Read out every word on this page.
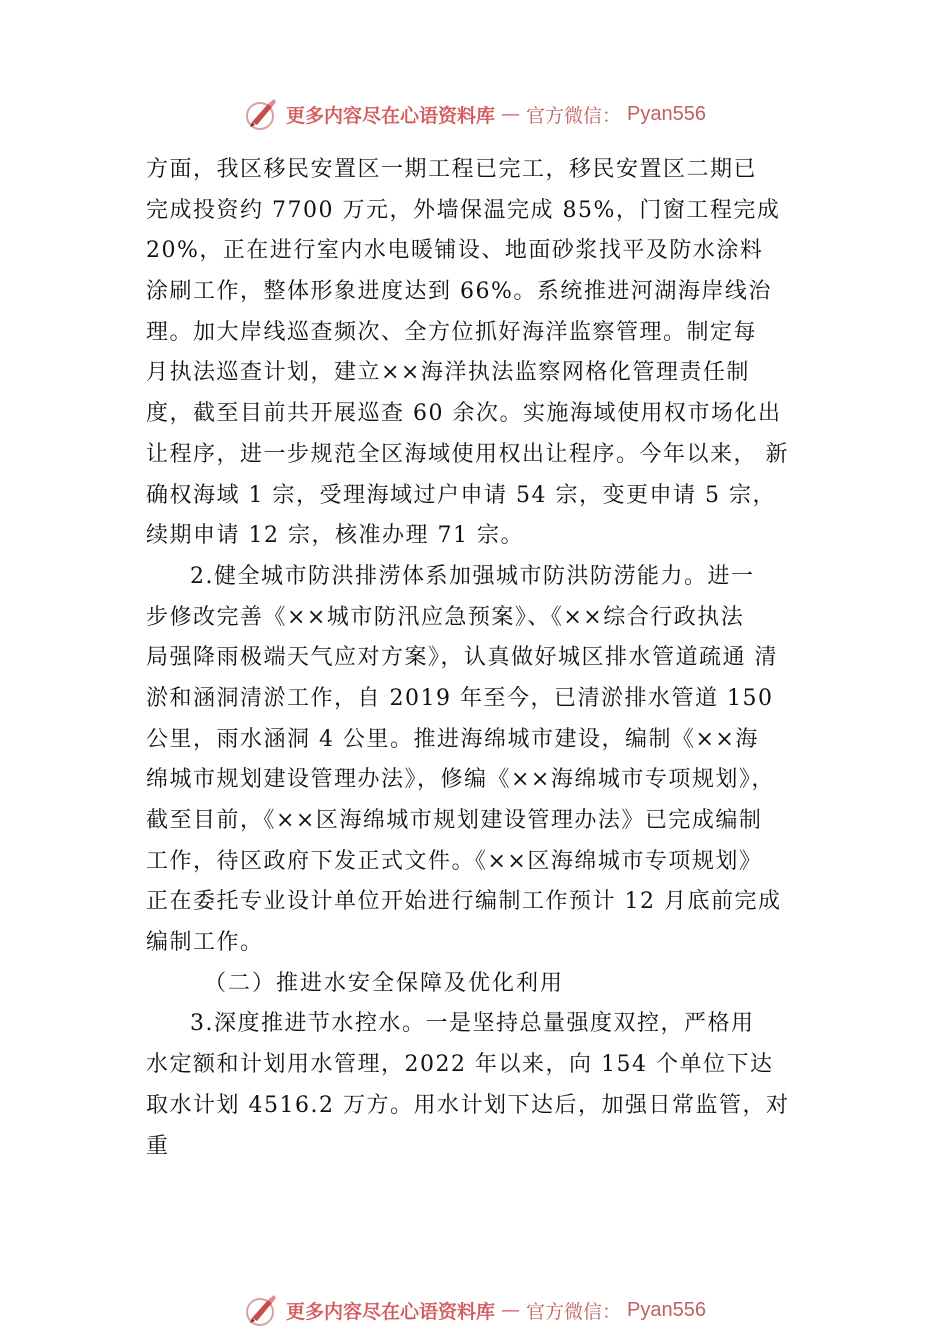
更多内容尽在心语资料库 — 官方微信： Pyan556
方面，我区移民安置区一期工程已完工，移民安置区二期已
完成投资约 7700 万元，外墙保温完成 85%，门窗工程完成
20%，正在进行室内水电暖铺设、地面砂浆找平及防水涂料
涂刷工作，整体形象进度达到 66%。系统推进河湖海岸线治
理。加大岸线巡查频次、全方位抓好海洋监察管理。制定每
月执法巡查计划，建立××海洋执法监察网格化管理责任制
度，截至目前共开展巡查 60 余次。实施海域使用权市场化出
让程序，进一步规范全区海域使用权出让程序。今年以来， 新
确权海域 1 宗，受理海域过户申请 54 宗，变更申请 5 宗，
续期申请 12 宗，核准办理 71 宗。
2.健全城市防洪排涝体系加强城市防洪防涝能力。进一
步修改完善《××城市防汛应急预案》、《××综合行政执法
局强降雨极端天气应对方案》，认真做好城区排水管道疏通 清
淤和涵洞清淤工作，自 2019 年至今，已清淤排水管道 150
公里，雨水涵洞 4 公里。推进海绵城市建设，编制《××海
绵城市规划建设管理办法》，修编《××海绵城市专项规划》，
截至目前，《××区海绵城市规划建设管理办法》已完成编制
工作，待区政府下发正式文件。《××区海绵城市专项规划》
正在委托专业设计单位开始进行编制工作预计 12 月底前完成
编制工作。
（二）推进水安全保障及优化利用
3.深度推进节水控水。一是坚持总量强度双控，严格用
水定额和计划用水管理，2022 年以来，向 154 个单位下达
取水计划 4516.2 万方。用水计划下达后，加强日常监管，对
重
更多内容尽在心语资料库 — 官方微信： Pyan556
